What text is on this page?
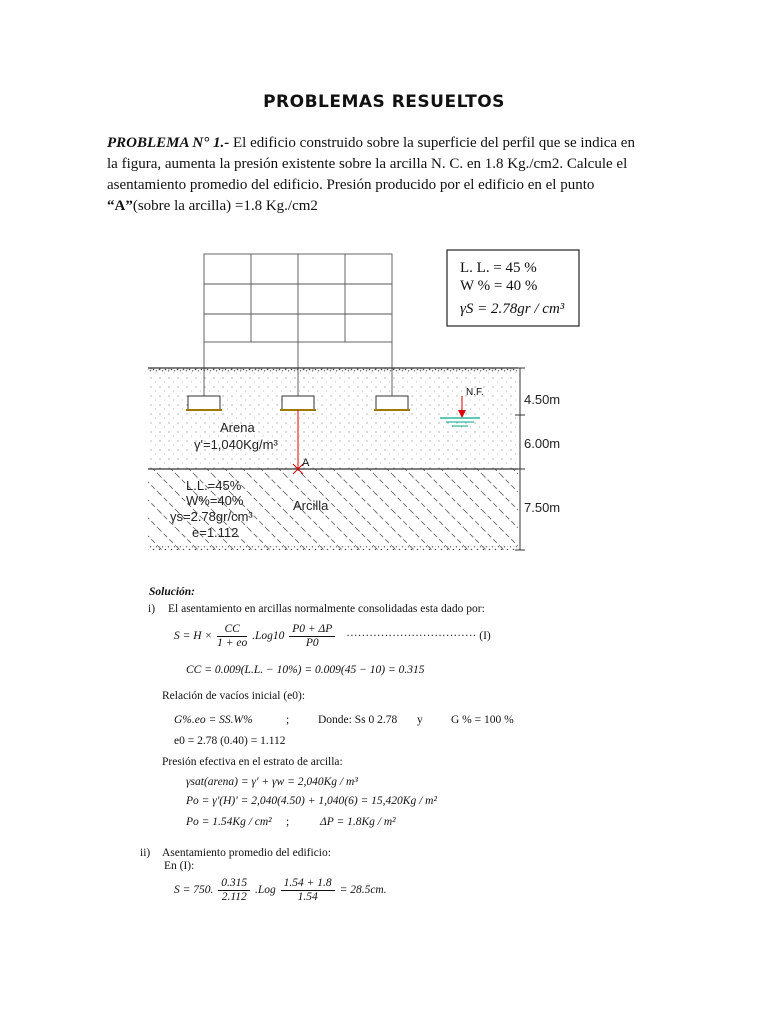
PROBLEMAS RESUELTOS
PROBLEMA N° 1.- El edificio construido sobre la superficie del perfil que se indica en la figura, aumenta la presión existente sobre la arcilla N. C. en 1.8 Kg./cm2. Calcule el asentamiento promedio del edificio. Presión producido por el edificio en el punto “A”(sobre la arcilla) =1.8 Kg./cm2
L. L. = 45 %
W % = 40 %
γS = 2.78gr / cm³
A
N.F.
Arena
γ'=1,040Kg/m³
L.L.=45%
W%=40%
γs=2.78gr/cm³
e=1.112
Arcilla
4.50m
6.00m
7.50m
Solución:
i) El asentamiento en arcillas normalmente consolidadas esta dado por:
$S = H \times \frac{CC}{1 + eo} .Log10 \frac{P0 + \Delta P}{P0}$ ·································· (I)
CC = 0.009(L.L. − 10%) = 0.009(45 − 10) = 0.315
Relación de vacíos inicial (e0):
G%.eo = SS.W%	;	Donde: Ss 0 2.78 y G % = 100 %
e0 = 2.78 (0.40) = 1.112
Presión efectiva en el estrato de arcilla:
γsat(arena) = γ' + γw = 2,040Kg / m³
Po = γ'(H)' = 2,040(4.50) + 1,040(6) = 15,420Kg / m²
Po = 1.54Kg / cm² ;	ΔP = 1.8Kg / m²
ii) Asentamiento promedio del edificio:
En (I):
S = 750. $\frac{0.315}{2.112} .Log \frac{1.54 + 1.8}{1.54} = 28.5cm$.
